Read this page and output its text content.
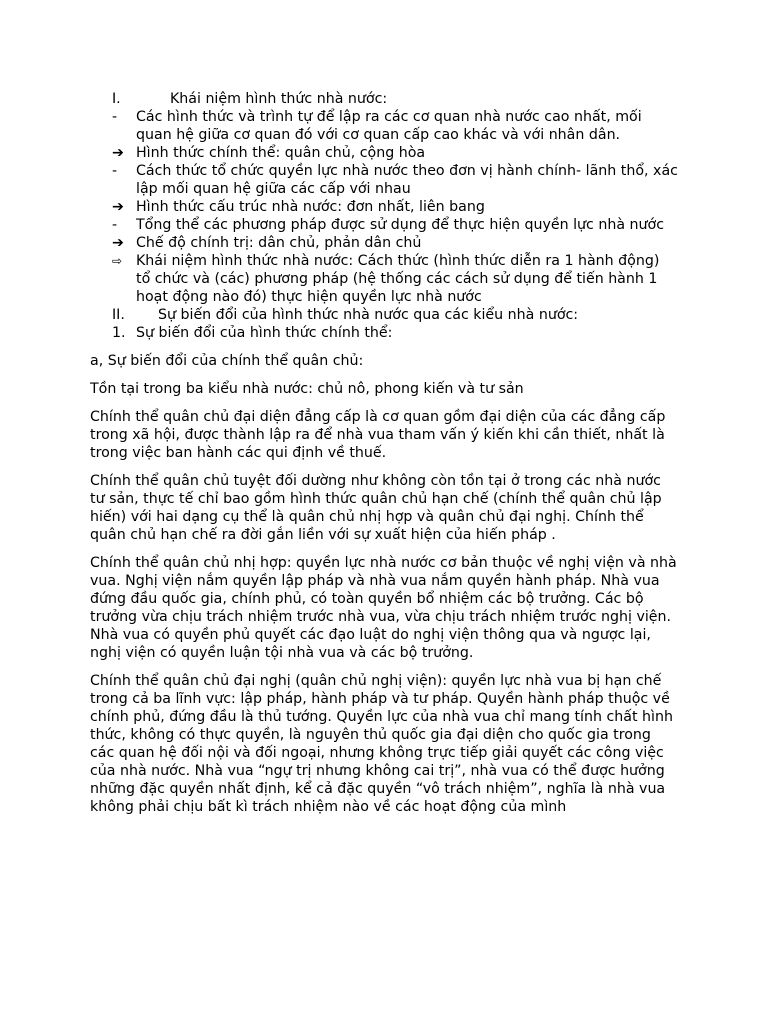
I.	Khái niệm hình thức nhà nước:
-	Các hình thức và trình tự để lập ra các cơ quan nhà nước cao nhất, mối quan hệ giữa cơ quan đó với cơ quan cấp cao khác và với nhân dân.
➔ Hình thức chính thể: quân chủ, cộng hòa
-	Cách thức tổ chức quyền lực nhà nước theo đơn vị hành chính- lãnh thổ, xác lập mối quan hệ giữa các cấp với nhau
➔ Hình thức cấu trúc nhà nước: đơn nhất, liên bang
-	Tổng thể các phương pháp được sử dụng để thực hiện quyền lực nhà nước
➔ Chế độ chính trị: dân chủ, phản dân chủ
⇨ Khái niệm hình thức nhà nước: Cách thức (hình thức diễn ra 1 hành động) tổ chức và (các) phương pháp (hệ thống các cách sử dụng để tiến hành 1 hoạt động nào đó) thực hiện quyền lực nhà nước
II.	Sự biến đổi của hình thức nhà nước qua các kiểu nhà nước:
1. Sự biến đổi của hình thức chính thể:

a, Sự biến đổi của chính thể quân chủ:

Tồn tại trong ba kiểu nhà nước: chủ nô, phong kiến và tư sản

Chính thể quân chủ đại diện đẳng cấp là cơ quan gồm đại diện của các đẳng cấp trong xã hội, được thành lập ra để nhà vua tham vấn ý kiến khi cần thiết, nhất là trong việc ban hành các qui định về thuế.

Chính thể quân chủ tuyệt đối dường như không còn tồn tại ở trong các nhà nước tư sản, thực tế chỉ bao gồm hình thức quân chủ hạn chế (chính thể quân chủ lập hiến) với hai dạng cụ thể là quân chủ nhị hợp và quân chủ đại nghị. Chính thể quân chủ hạn chế ra đời gắn liền với sự xuất hiện của hiến pháp .

Chính thể quân chủ nhị hợp: quyền lực nhà nước cơ bản thuộc về nghị viện và nhà vua. Nghị viện nắm quyền lập pháp và nhà vua nắm quyền hành pháp. Nhà vua đứng đầu quốc gia, chính phủ, có toàn quyền bổ nhiệm các bộ trưởng. Các bộ trưởng vừa chịu trách nhiệm trước nhà vua, vừa chịu trách nhiệm trước nghị viện. Nhà vua có quyền phủ quyết các đạo luật do nghị viện thông qua và ngược lại, nghị viện có quyền luận tội nhà vua và các bộ trưởng.

Chính thể quân chủ đại nghị (quân chủ nghị viện): quyền lực nhà vua bị hạn chế trong cả ba lĩnh vực: lập pháp, hành pháp và tư pháp. Quyền hành pháp thuộc về chính phủ, đứng đầu là thủ tướng. Quyền lực của nhà vua chỉ mang tính chất hình thức, không có thực quyền, là nguyên thủ quốc gia đại diện cho quốc gia trong các quan hệ đối nội và đối ngoại, nhưng không trực tiếp giải quyết các công việc của nhà nước. Nhà vua “ngự trị nhưng không cai trị”, nhà vua có thể được hưởng những đặc quyền nhất định, kể cả đặc quyền “vô trách nhiệm”, nghĩa là nhà vua không phải chịu bất kì trách nhiệm nào về các hoạt động của mình
